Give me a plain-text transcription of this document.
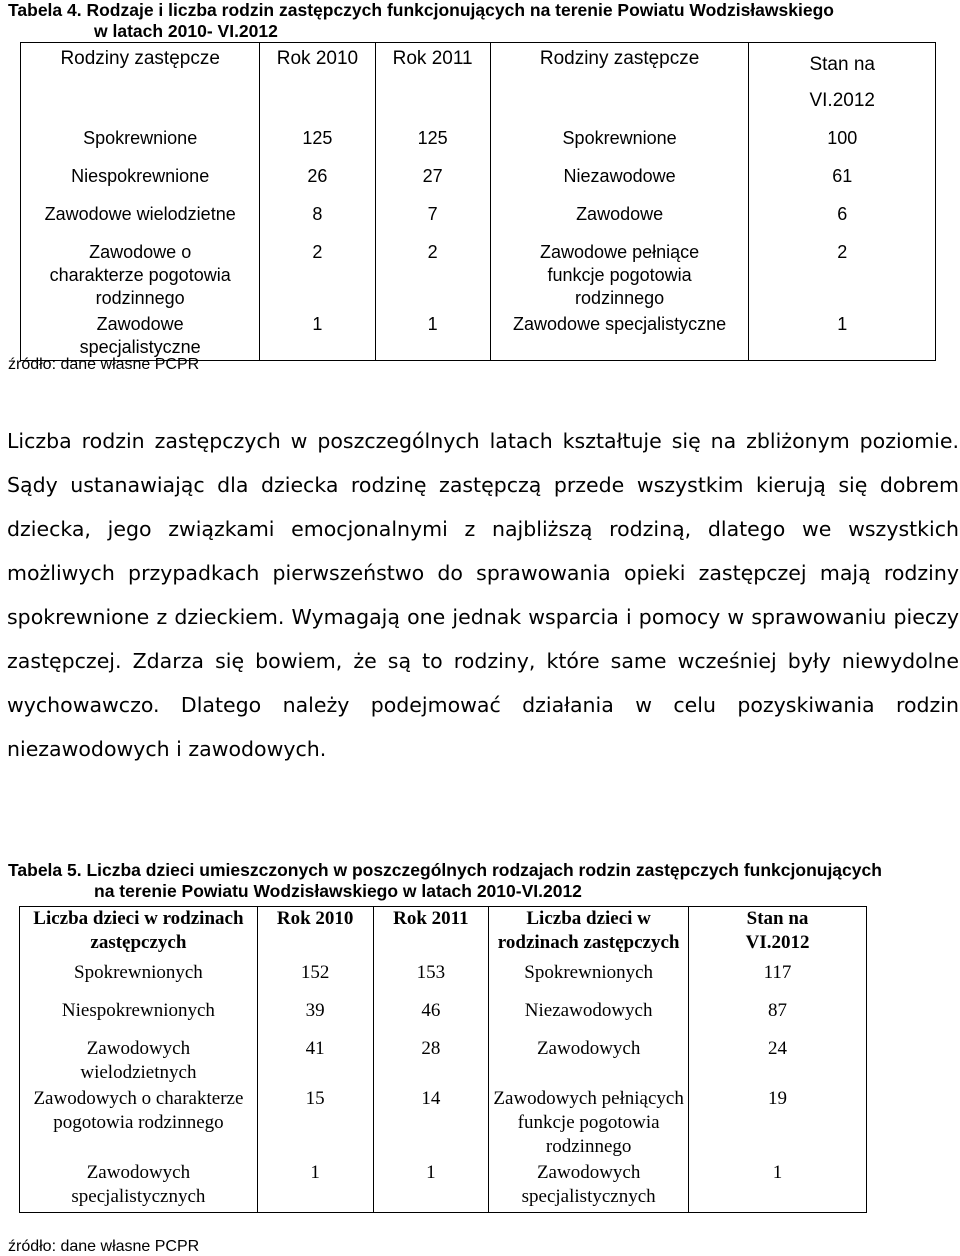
Tabela 4. Rodzaje i liczba rodzin zastępczych funkcjonujących na terenie Powiatu Wodzisławskiego
w latach 2010- VI.2012
Rodziny zastępcze	Rok 2010	Rok 2011	Rodziny zastępcze	Stan na VI.2012
Spokrewnione	125	125	Spokrewnione	100
Niespokrewnione	26	27	Niezawodowe	61
Zawodowe wielodzietne	8	7	Zawodowe	6
Zawodowe o charakterze pogotowia rodzinnego	2	2	Zawodowe pełniące funkcje pogotowia rodzinnego	2
Zawodowe specjalistyczne	1	1	Zawodowe specjalistyczne	1
źródło: dane własne PCPR
Liczba rodzin zastępczych w poszczególnych latach kształtuje się na zbliżonym poziomie. Sądy ustanawiając dla dziecka rodzinę zastępczą przede wszystkim kierują się dobrem dziecka, jego związkami emocjonalnymi z najbliższą rodziną, dlatego we wszystkich możliwych przypadkach pierwszeństwo do sprawowania opieki zastępczej mają rodziny spokrewnione z dzieckiem. Wymagają one jednak wsparcia i pomocy w sprawowaniu pieczy zastępczej. Zdarza się bowiem, że są to rodziny, które same wcześniej były niewydolne wychowawczo. Dlatego należy podejmować działania w celu pozyskiwania rodzin niezawodowych i zawodowych.
Tabela 5. Liczba dzieci umieszczonych w poszczególnych rodzajach rodzin zastępczych funkcjonujących
na terenie Powiatu Wodzisławskiego w latach 2010-VI.2012
Liczba dzieci w rodzinach zastępczych	Rok 2010	Rok 2011	Liczba dzieci w rodzinach zastępczych	Stan na VI.2012
Spokrewnionych	152	153	Spokrewnionych	117
Niespokrewnionych	39	46	Niezawodowych	87
Zawodowych wielodzietnych	41	28	Zawodowych	24
Zawodowych o charakterze pogotowia rodzinnego	15	14	Zawodowych pełniących funkcje pogotowia rodzinnego	19
Zawodowych specjalistycznych	1	1	Zawodowych specjalistycznych	1
źródło: dane własne PCPR
